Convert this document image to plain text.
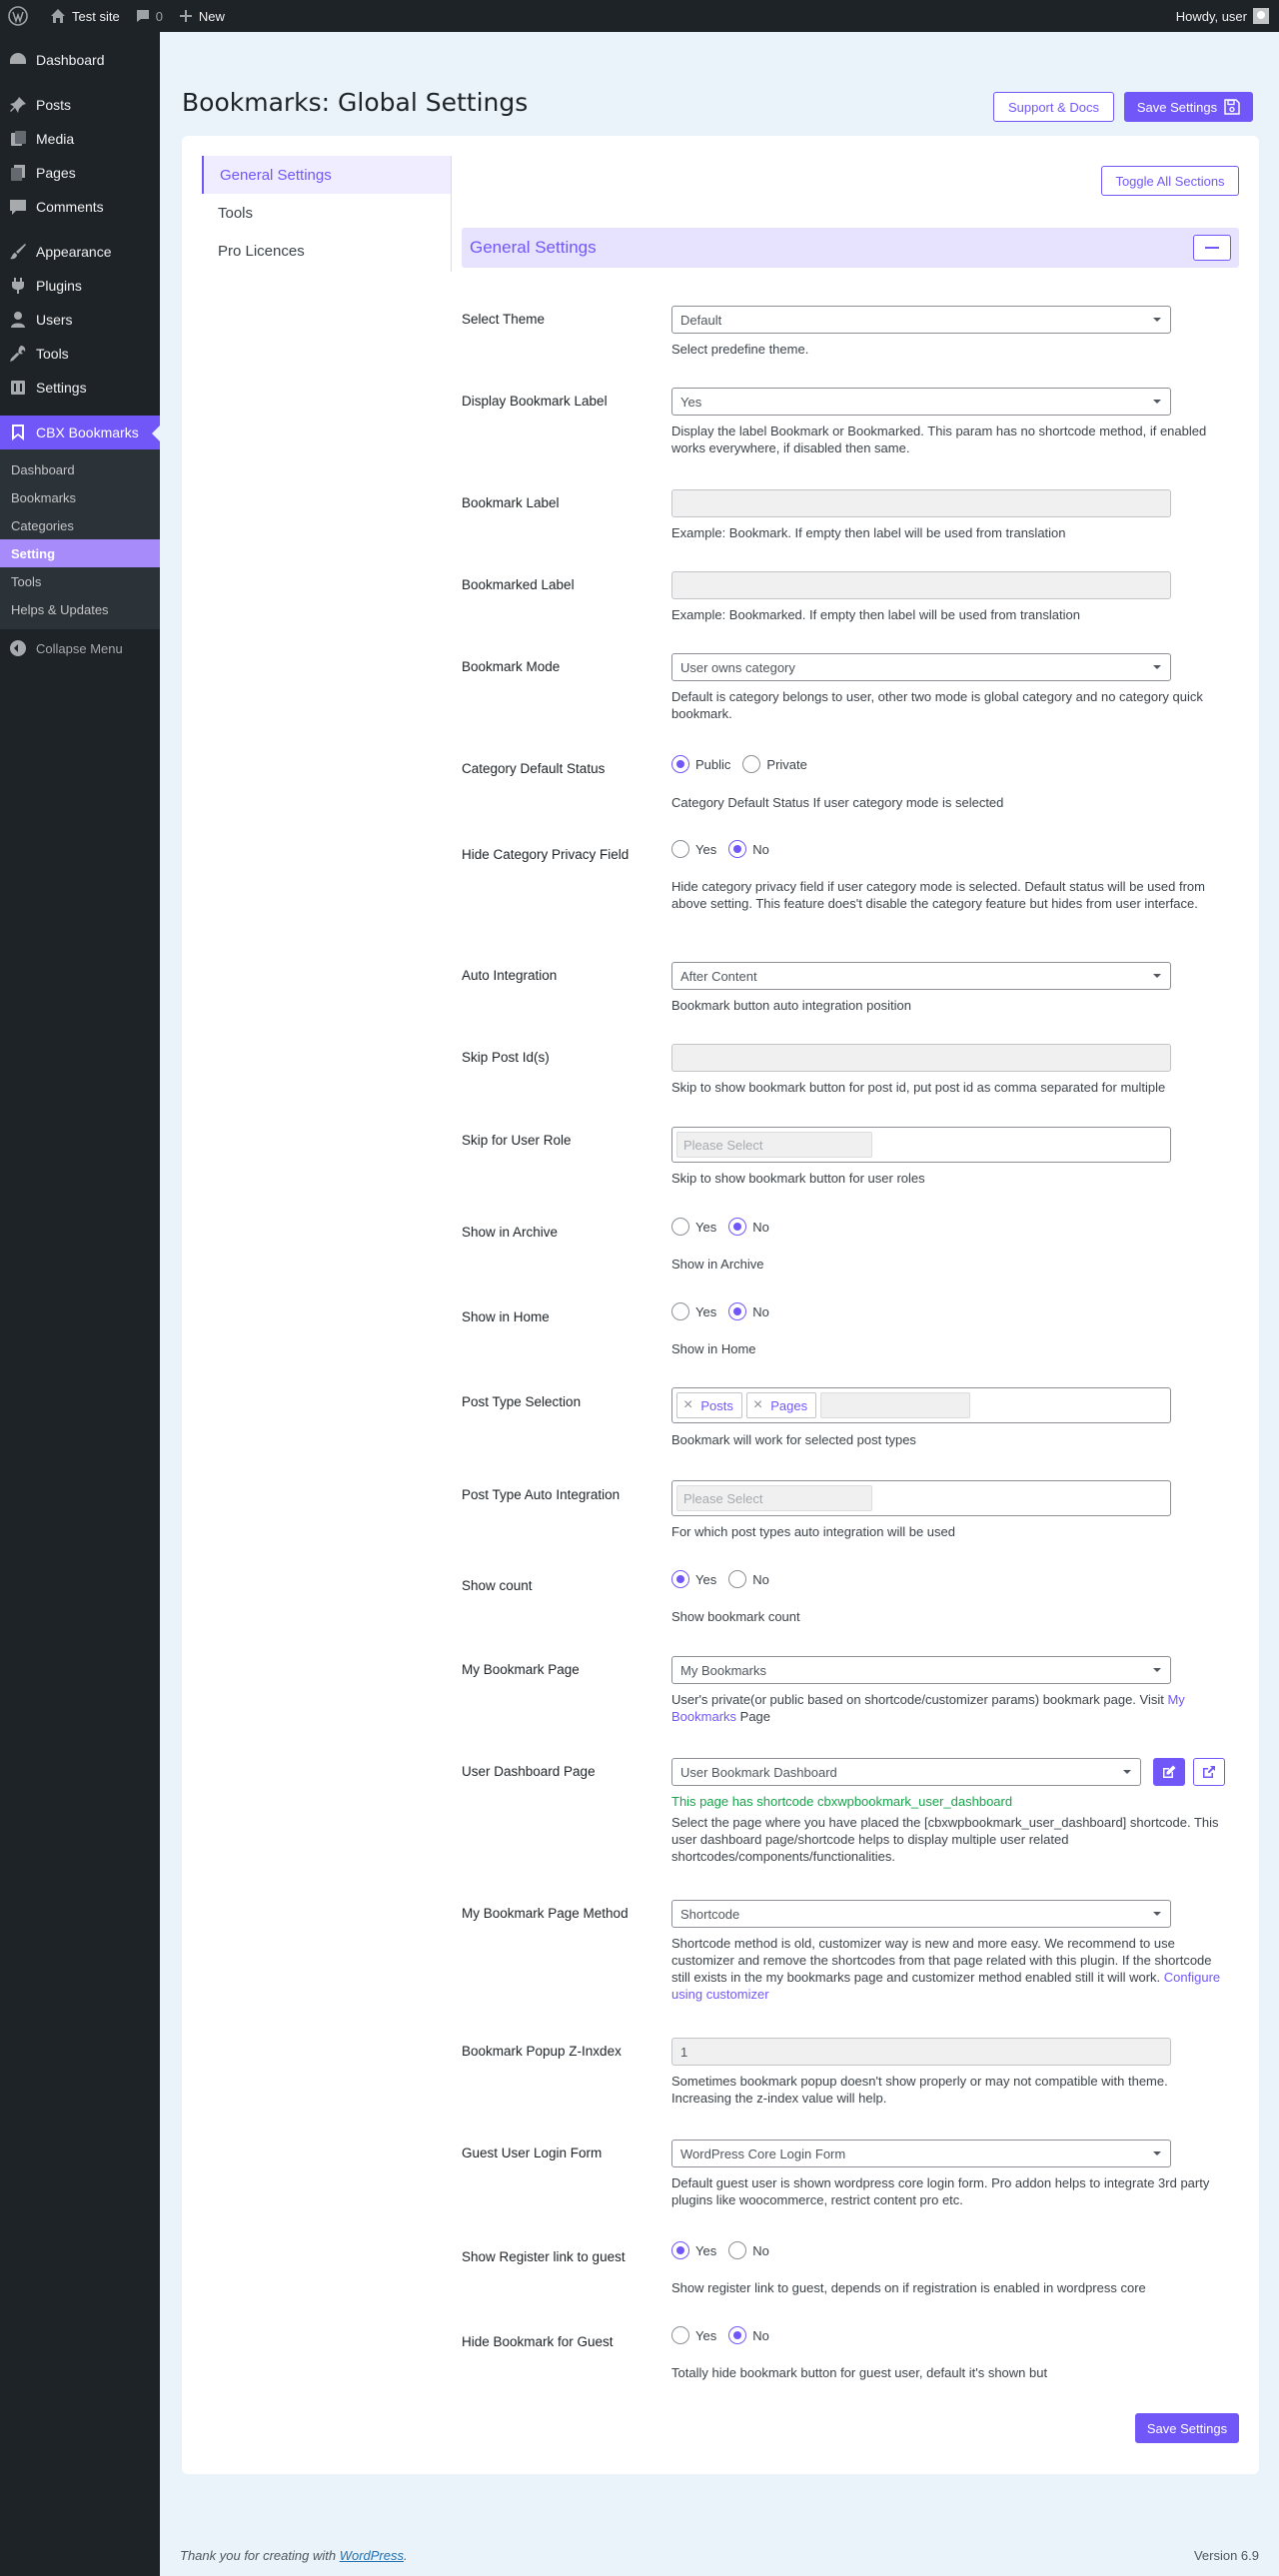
Test site	0	New	Howdy, user
Dashboard
Posts
Media
Pages
Comments
Appearance
Plugins
Users
Tools
Settings
CBX Bookmarks
Dashboard
Bookmarks
Categories
Setting
Tools
Helps & Updates
Collapse Menu
Bookmarks: Global Settings	Support & Docs	Save Settings
General Settings
Tools
Pro Licences
Toggle All Sections
General Settings
Select Theme	Default
Select predefine theme.
Display Bookmark Label	Yes
Display the label Bookmark or Bookmarked. This param has no shortcode method, if enabled works everywhere, if disabled then same.
Bookmark Label
Example: Bookmark. If empty then label will be used from translation
Bookmarked Label
Example: Bookmarked. If empty then label will be used from translation
Bookmark Mode	User owns category
Default is category belongs to user, other two mode is global category and no category quick bookmark.
Category Default Status	Public	Private
Category Default Status If user category mode is selected
Hide Category Privacy Field	Yes	No
Hide category privacy field if user category mode is selected. Default status will be used from above setting. This feature does't disable the category feature but hides from user interface.
Auto Integration	After Content
Bookmark button auto integration position
Skip Post Id(s)
Skip to show bookmark button for post id, put post id as comma separated for multiple
Skip for User Role	Please Select
Skip to show bookmark button for user roles
Show in Archive	Yes	No
Show in Archive
Show in Home	Yes	No
Show in Home
Post Type Selection	× Posts × Pages
Bookmark will work for selected post types
Post Type Auto Integration	Please Select
For which post types auto integration will be used
Show count	Yes	No
Show bookmark count
My Bookmark Page	My Bookmarks
User's private(or public based on shortcode/customizer params) bookmark page. Visit My Bookmarks Page
User Dashboard Page	User Bookmark Dashboard
This page has shortcode cbxwpbookmark_user_dashboard
Select the page where you have placed the [cbxwpbookmark_user_dashboard] shortcode. This user dashboard page/shortcode helps to display multiple user related shortcodes/components/functionalities.
My Bookmark Page Method	Shortcode
Shortcode method is old, customizer way is new and more easy. We recommend to use customizer and remove the shortcodes from that page related with this plugin. If the shortcode still exists in the my bookmarks page and customizer method enabled still it will work. Configure using customizer
Bookmark Popup Z-Inxdex	1
Sometimes bookmark popup doesn't show properly or may not compatible with theme. Increasing the z-index value will help.
Guest User Login Form	WordPress Core Login Form
Default guest user is shown wordpress core login form. Pro addon helps to integrate 3rd party plugins like woocommerce, restrict content pro etc.
Show Register link to guest	Yes	No
Show register link to guest, depends on if registration is enabled in wordpress core
Hide Bookmark for Guest	Yes	No
Totally hide bookmark button for guest user, default it's shown but
Save Settings
Thank you for creating with WordPress.	Version 6.9
